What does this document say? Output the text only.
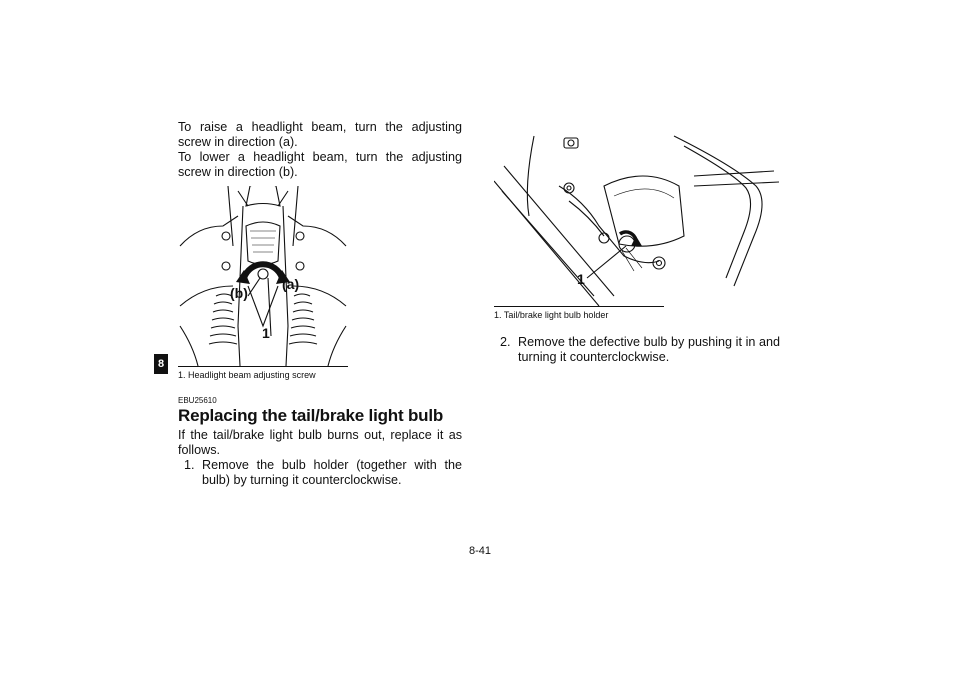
8

To raise a headlight beam, turn the adjusting screw in direction (a).

To lower a headlight beam, turn the adjusting screw in direction (b).

(b)
(a)
1

1. Headlight beam adjusting screw

EBU25610
Replacing the tail/brake light bulb

If the tail/brake light bulb burns out, replace it as follows.

1. Remove the bulb holder (together with the bulb) by turning it counterclockwise.

1

1. Tail/brake light bulb holder

2. Remove the defective bulb by pushing it in and turning it counterclockwise.

8-41
